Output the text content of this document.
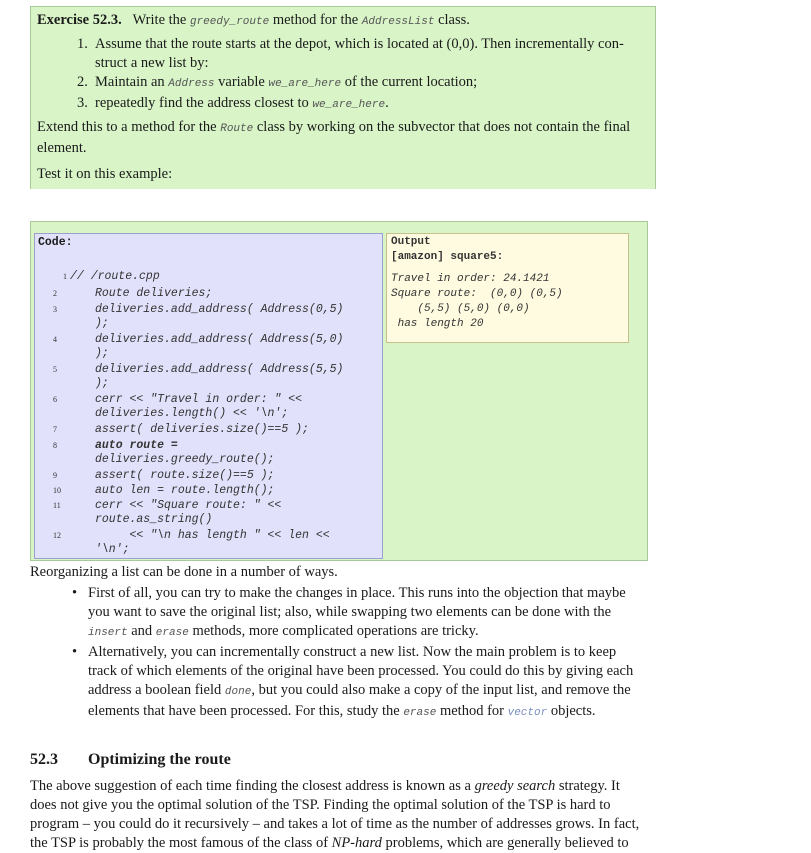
Exercise 52.3. Write the greedy_route method for the AddressList class.
1. Assume that the route starts at the depot, which is located at (0,0). Then incrementally con-
struct a new list by:
2. Maintain an Address variable we_are_here of the current location;
3. repeatedly find the address closest to we_are_here.
Extend this to a method for the Route class by working on the subvector that does not contain the final
element.
Test it on this example:
Code:
1 // /route.cpp
2	Route deliveries;
3	deliveries.add_address( Address(0,5)
);
4	deliveries.add_address( Address(5,0)
);
5	deliveries.add_address( Address(5,5)
);
6	cerr << "Travel in order: " <<
deliveries.length() << '\n';
7	assert( deliveries.size()==5 );
8	auto route =
deliveries.greedy_route();
9	assert( route.size()==5 );
10	auto len = route.length();
11	cerr << "Square route: " <<
route.as_string()
12	<< "\n has length " << len <<
'\n';
Output
[amazon] square5:
Travel in order: 24.1421
Square route:  (0,0) (0,5)
(5,5) (5,0) (0,0)
has length 20
Reorganizing a list can be done in a number of ways.
• First of all, you can try to make the changes in place. This runs into the objection that maybe
you want to save the original list; also, while swapping two elements can be done with the
insert and erase methods, more complicated operations are tricky.
• Alternatively, you can incrementally construct a new list. Now the main problem is to keep
track of which elements of the original have been processed. You could do this by giving each
address a boolean field done, but you could also make a copy of the input list, and remove the
elements that have been processed. For this, study the erase method for vector objects.
52.3 Optimizing the route
The above suggestion of each time finding the closest address is known as a greedy search strategy. It
does not give you the optimal solution of the TSP. Finding the optimal solution of the TSP is hard to
program – you could do it recursively – and takes a lot of time as the number of addresses grows. In fact,
the TSP is probably the most famous of the class of NP-hard problems, which are generally believed to
